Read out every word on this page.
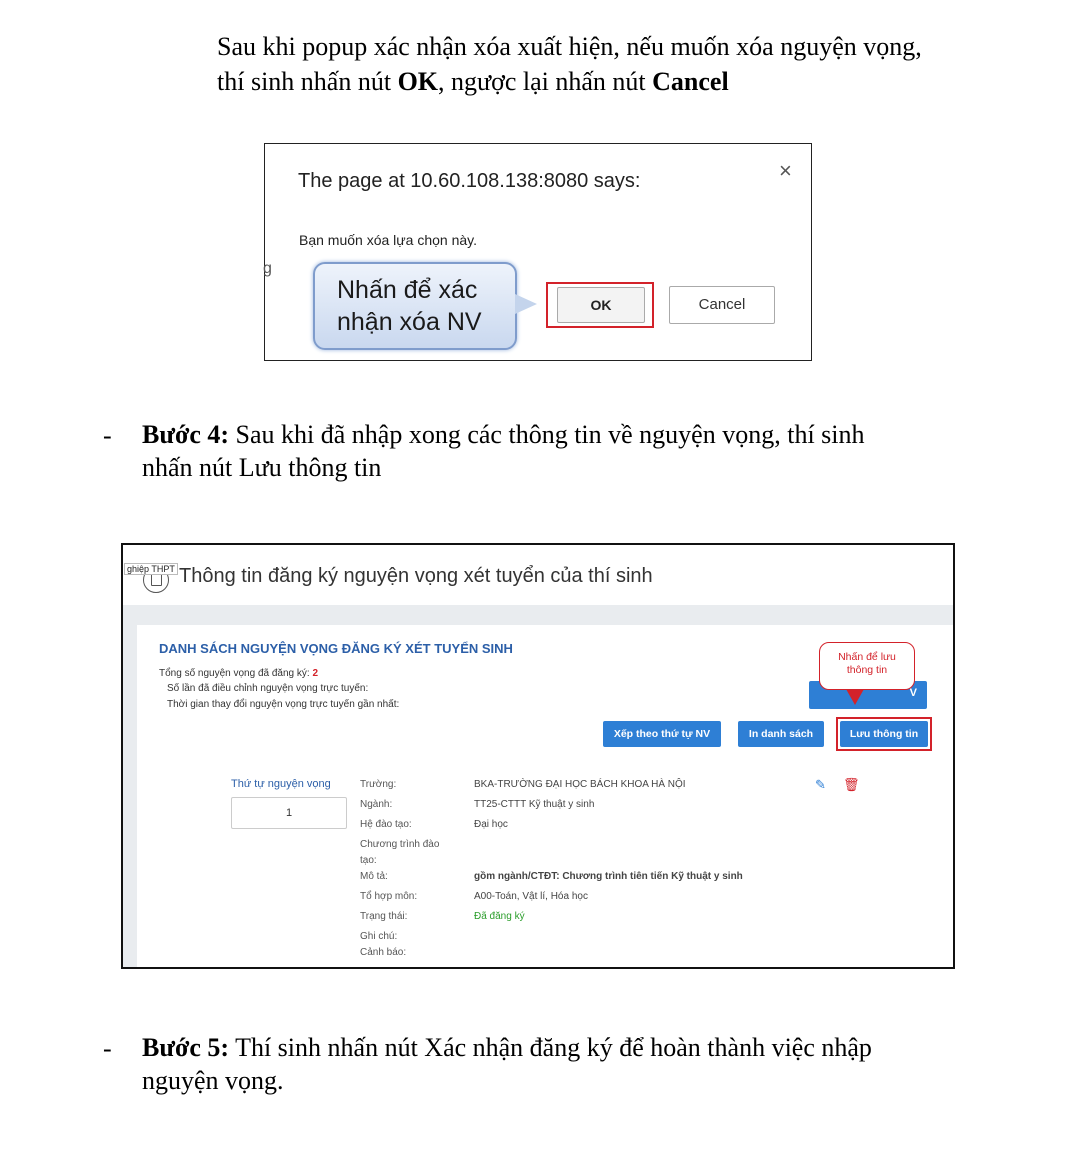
Sau khi popup xác nhận xóa xuất hiện, nếu muốn xóa nguyện vọng,
thí sinh nhấn nút OK, ngược lại nhấn nút Cancel
g
The page at 10.60.108.138:8080 says:	×
Bạn muốn xóa lựa chọn này.
Nhấn để xác
nhận xóa NV
OK	Cancel
- Bước 4: Sau khi đã nhập xong các thông tin về nguyện vọng, thí sinh
nhấn nút Lưu thông tin
ghiệp THPT Thông tin đăng ký nguyện vọng xét tuyển của thí sinh
DANH SÁCH NGUYỆN VỌNG ĐĂNG KÝ XÉT TUYỂN SINH
Tổng số nguyện vọng đã đăng ký: 2
Số lần đã điều chỉnh nguyện vọng trực tuyến:
Thời gian thay đổi nguyện vọng trực tuyến gần nhất:
V
Nhấn để lưu
thông tin
Xếp theo thứ tự NV	In danh sách	Lưu thông tin
Thứ tự nguyện vọng
1
Trường:	BKA-TRƯỜNG ĐẠI HỌC BÁCH KHOA HÀ NỘI
Ngành:	TT25-CTTT Kỹ thuật y sinh
Hệ đào tạo:	Đại học
Chương trình đào
tạo:
Mô tả:	gồm ngành/CTĐT: Chương trình tiên tiến Kỹ thuật y sinh
Tổ hợp môn:	A00-Toán, Vật lí, Hóa học
Trạng thái:	Đã đăng ký
Ghi chú:
Cảnh báo:
✎ 🗑
- Bước 5: Thí sinh nhấn nút Xác nhận đăng ký để hoàn thành việc nhập
nguyện vọng.
